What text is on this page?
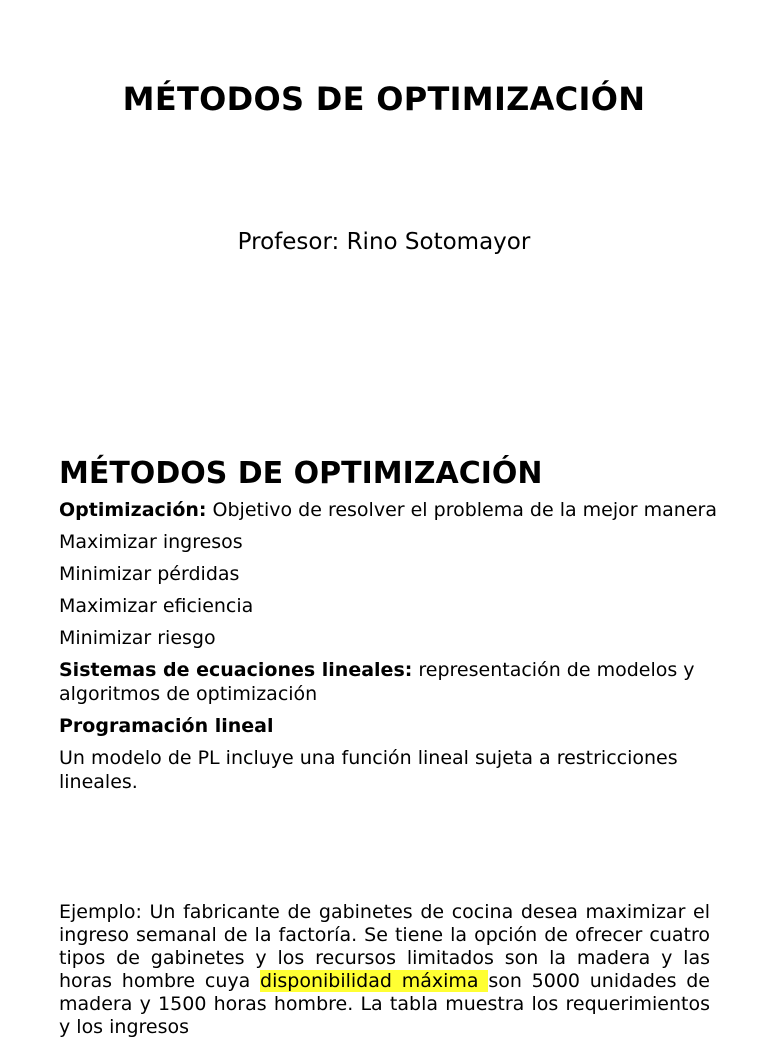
MÉTODOS DE OPTIMIZACIÓN

Profesor: Rino Sotomayor

MÉTODOS DE OPTIMIZACIÓN

Optimización: Objetivo de resolver el problema de la mejor manera

Maximizar ingresos

Minimizar pérdidas

Maximizar eficiencia

Minimizar riesgo

Sistemas de ecuaciones lineales: representación de modelos y algoritmos de optimización

Programación lineal

Un modelo de PL incluye una función lineal sujeta a restricciones lineales.

Ejemplo: Un fabricante de gabinetes de cocina desea maximizar el ingreso semanal de la factoría. Se tiene la opción de ofrecer cuatro tipos de gabinetes y los recursos limitados son la madera y las horas hombre cuya disponibilidad máxima son 5000 unidades de madera y 1500 horas hombre. La tabla muestra los requerimientos y los ingresos
